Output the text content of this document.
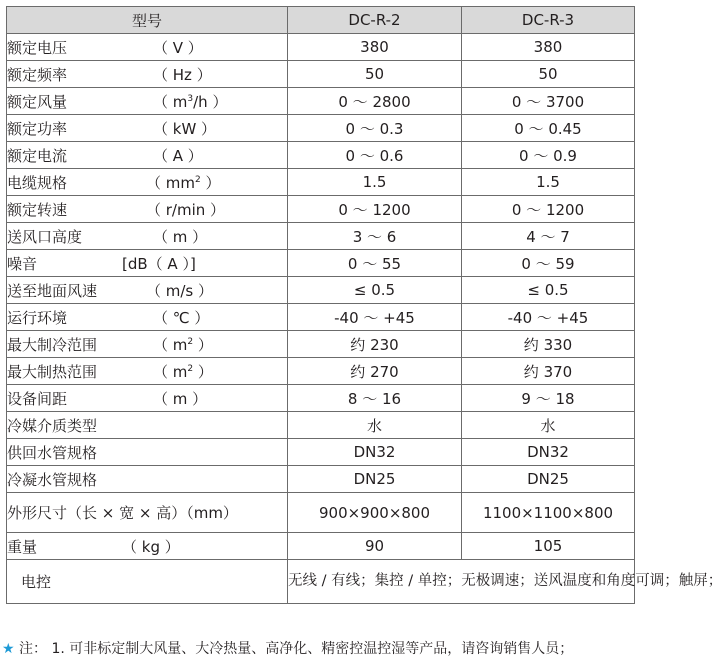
型号	DC-R-2	DC-R-3
额定电压 （ V ）	380	380
额定频率 （ Hz ）	50	50
额定风量 （ $m^3/h$ ）	0 ～ 2800	0 ～ 3700
额定功率 （ kW ）	0 ～ 0.3	0 ～ 0.45
额定电流 （ A ）	0 ～ 0.6	0 ～ 0.9
电缆规格 （ $mm^2$ ）	1.5	1.5
额定转速 （ r/min ）	0 ～ 1200	0 ～ 1200
送风口高度 （ m ）	3 ～ 6	4 ～ 7
噪音 [dB（ A ）]	0 ～ 55	0 ～ 59
送至地面风速 （ m/s ）	≤ 0.5	≤ 0.5
运行环境 （ ℃ ）	-40 ～ +45	-40 ～ +45
最大制冷范围 （ $m^2$ ）	约 230	约 330
最大制热范围 （ $m^2$ ）	约 270	约 370
设备间距 （ m ）	8 ～ 16	9 ～ 18
冷媒介质类型	水	水
供回水管规格	DN32	DN32
冷凝水管规格	DN25	DN25
外形尺寸（长 × 宽 × 高）（mm）	900×900×800	1100×1100×800
重量 （ kg ）	90	105
电控	无线 / 有线；集控 / 单控；无极调速；送风温度和角度可调；触屏；	
★ 注： 1. 可非标定制大风量、大冷热量、高净化、精密控温控湿等产品，请咨询销售人员；
